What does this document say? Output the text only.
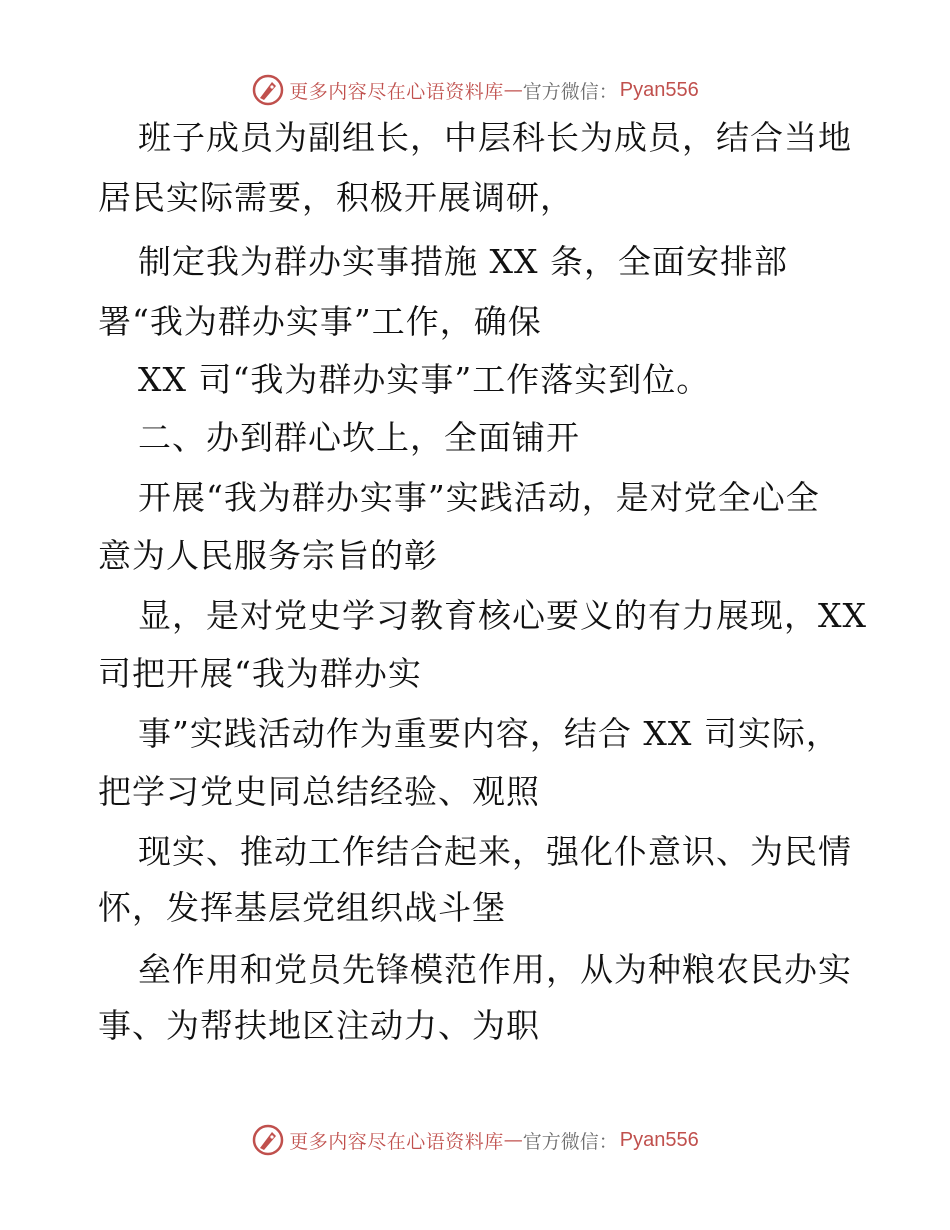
更多内容尽在心语资料库 — 官方微信： Pyan556
班子成员为副组长，中层科长为成员，结合当地
居民实际需要，积极开展调研，
制定我为群办实事措施 XX 条，全面安排部
署“我为群办实事”工作，确保
XX 司“我为群办实事”工作落实到位。
二、办到群心坎上，全面铺开
开展“我为群办实事”实践活动，是对党全心全
意为人民服务宗旨的彰
显，是对党史学习教育核心要义的有力展现，XX
司把开展“我为群办实
事”实践活动作为重要内容，结合 XX 司实际，
把学习党史同总结经验、观照
现实、推动工作结合起来，强化仆意识、为民情
怀，发挥基层党组织战斗堡
垒作用和党员先锋模范作用，从为种粮农民办实
事、为帮扶地区注动力、为职
更多内容尽在心语资料库 — 官方微信： Pyan556
